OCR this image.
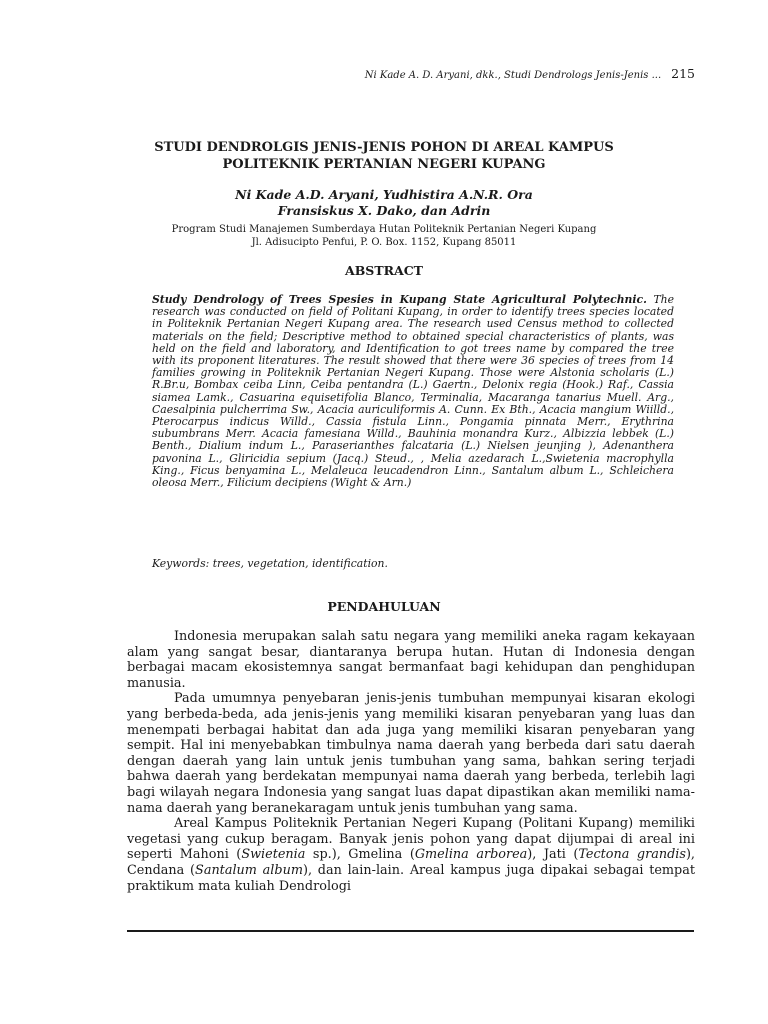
Ni Kade A. D. Aryani, dkk., Studi Dendrologs Jenis-Jenis ... 215
STUDI DENDROLGIS JENIS-JENIS POHON DI AREAL KAMPUS
POLITEKNIK PERTANIAN NEGERI KUPANG
Ni Kade A.D. Aryani, Yudhistira A.N.R. Ora
Fransiskus X. Dako, dan Adrin
Program Studi Manajemen Sumberdaya Hutan Politeknik Pertanian Negeri Kupang
Jl. Adisucipto Penfui, P. O. Box. 1152, Kupang 85011
ABSTRACT

Study Dendrology of Trees Spesies in Kupang State Agricultural Polytechnic. The research was conducted on field of Politani Kupang, in order to identify trees species located in Politeknik Pertanian Negeri Kupang area. The research used Census method to collected materials on the field; Descriptive method to obtained special characteristics of plants, was held on the field and laboratory, and Identification to got trees name by compared the tree with its proponent literatures. The result showed that there were 36 species of trees from 14 families growing in Politeknik Pertanian Negeri Kupang. Those were Alstonia scholaris (L.) R.Br.u, Bombax ceiba Linn, Ceiba pentandra (L.) Gaertn., Delonix regia (Hook.) Raf., Cassia siamea Lamk., Casuarina equisetifolia Blanco, Terminalia, Macaranga tanarius Muell. Arg., Caesalpinia pulcherrima Sw., Acacia auriculiformis A. Cunn. Ex Bth., Acacia mangium Wiilld., Pterocarpus indicus Willd., Cassia fistula Linn., Pongamia pinnata Merr., Erythrina subumbrans Merr. Acacia famesiana Willd., Bauhinia monandra Kurz., Albizzia lebbek (L.) Benth., Dialium indum L., Paraserianthes falcataria (L.) Nielsen jeunjing ), Adenanthera pavonina L., Gliricidia sepium (Jacq.) Steud., , Melia azedarach L.,Swietenia macrophylla King., Ficus benyamina L., Melaleuca leucadendron Linn., Santalum album L., Schleichera oleosa Merr., Filicium decipiens (Wight & Arn.)

Keywords: trees, vegetation, identification.

PENDAHULUAN

Indonesia merupakan salah satu negara yang memiliki aneka ragam kekayaan alam yang sangat besar, diantaranya berupa hutan. Hutan di Indonesia dengan berbagai macam ekosistemnya sangat bermanfaat bagi kehidupan dan penghidupan manusia.

Pada umumnya penyebaran jenis-jenis tumbuhan mempunyai kisaran ekologi yang berbeda-beda, ada jenis-jenis yang memiliki kisaran penyebaran yang luas dan menempati berbagai habitat dan ada juga yang memiliki kisaran penyebaran yang sempit. Hal ini menyebabkan timbulnya nama daerah yang berbeda dari satu daerah dengan daerah yang lain untuk jenis tumbuhan yang sama, bahkan sering terjadi bahwa daerah yang berdekatan mempunyai nama daerah yang berbeda, terlebih lagi bagi wilayah negara Indonesia yang sangat luas dapat dipastikan akan memiliki nama-nama daerah yang beranekaragam untuk jenis tumbuhan yang sama.

Areal Kampus Politeknik Pertanian Negeri Kupang (Politani Kupang) memiliki vegetasi yang cukup beragam. Banyak jenis pohon yang dapat dijumpai di areal ini seperti Mahoni (Swietenia sp.), Gmelina (Gmelina arborea), Jati (Tectona grandis), Cendana (Santalum album), dan lain-lain. Areal kampus juga dipakai sebagai tempat praktikum mata kuliah Dendrologi
